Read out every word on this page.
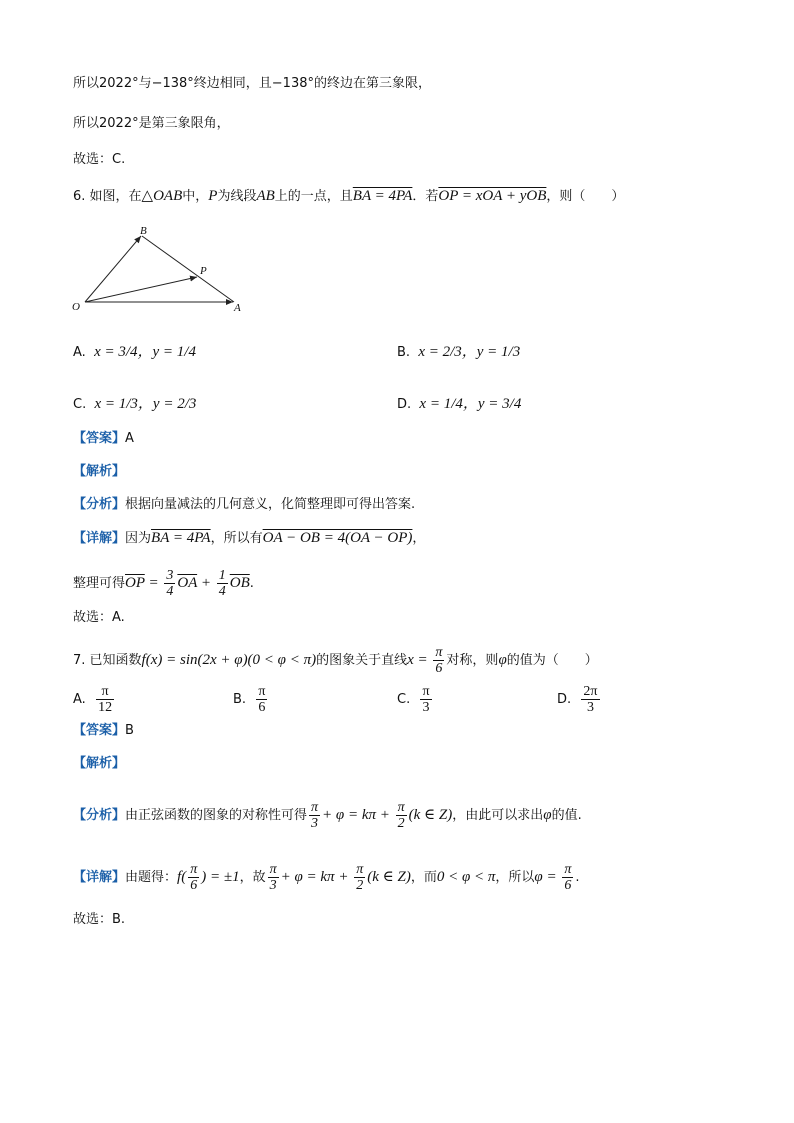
所以2022°与−138°终边相同，且−138°的终边在第三象限，
所以2022°是第三象限角，
故选：C.
6. 如图，在△OAB中，P为线段AB上的一点，且BA = 4PA．若OP = xOA + yOB，则（　　）
B
P
O	A
A. x = 3/4，y = 1/4	B. x = 2/3，y = 1/3
C. x = 1/3，y = 2/3	D. x = 1/4，y = 3/4
【答案】A
【解析】
【分析】根据向量减法的几何意义，化简整理即可得出答案.
【详解】因为BA = 4PA，所以有OA − OB = 4(OA − OP)，
整理可得$\overline{OP} = \frac{3}{4} \overline{OA} + \frac{1}{4} \overline{OB}$.
故选：A.
7. 已知函数f(x) = sin(2x + φ)(0 < φ < π)的图象关于直线$x = \frac{\pi}{6}$ 对称，则φ的值为（　　）
A. $\frac{\pi}{12}$	B. $\frac{\pi}{6}$	C. $\frac{\pi}{3}$	D. $\frac{2\pi}{3}$
【答案】B
【解析】
【分析】由正弦函数的图象的对称性可得 $\frac{\pi}{3} + \varphi = k\pi + \frac{\pi}{2} (k$ ∈ Z)，由此可以求出φ的值.
【详解】由题得：$f( \frac{\pi}{6}$ ) = ±1，故 $\frac{\pi}{3} + \varphi = k\pi + \frac{\pi}{2} (k$ ∈ Z)，而0 < φ < π，所以$\varphi = \frac{\pi}{6}$ .
故选：B.
